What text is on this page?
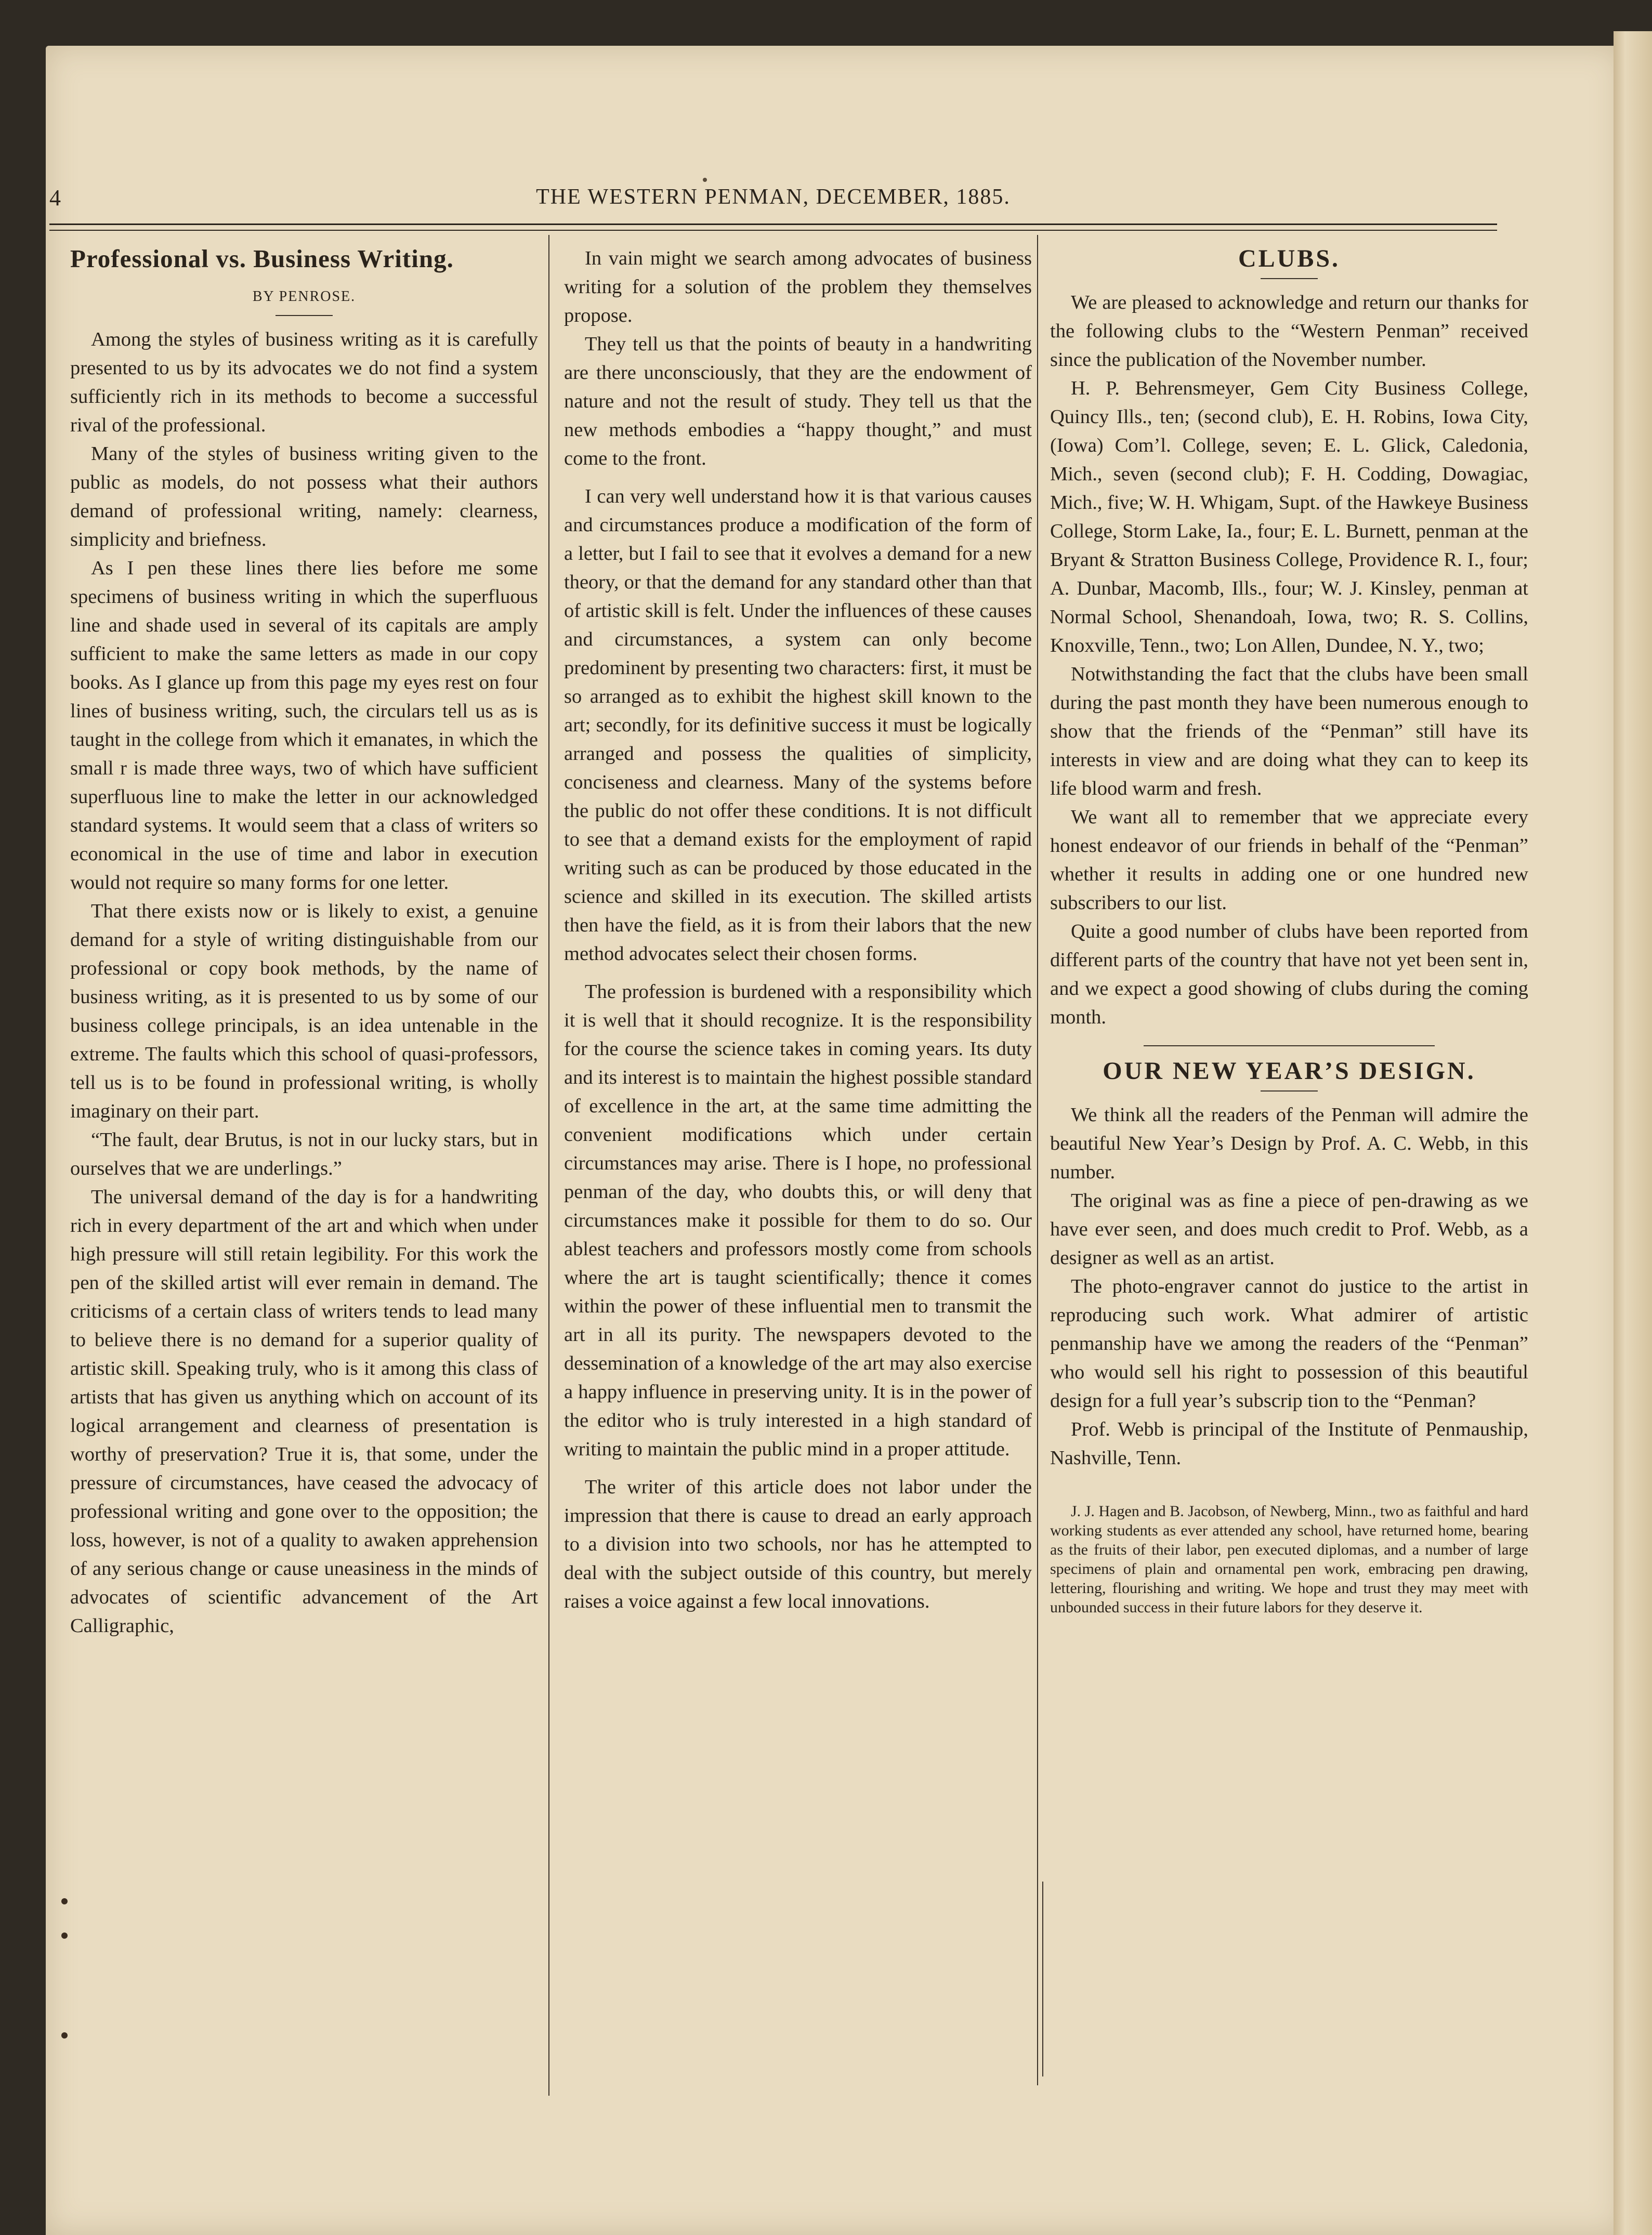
4	THE WESTERN PENMAN, DECEMBER, 1885.
Professional vs. Business Writing.
BY PENROSE.

Among the styles of business writing as it is carefully presented to us by its advocates we do not find a system sufficiently rich in its methods to become a successful rival of the professional.

Many of the styles of business writing given to the public as models, do not possess what their authors demand of professional writing, namely: clearness, simplicity and briefness.

As I pen these lines there lies before me some specimens of business writing in which the superfluous line and shade used in several of its capitals are amply sufficient to make the same letters as made in our copy books. As I glance up from this page my eyes rest on four lines of business writing, such, the circulars tell us as is taught in the college from which it emanates, in which the small r is made three ways, two of which have sufficient superfluous line to make the letter in our acknowledged standard systems. It would seem that a class of writers so economical in the use of time and labor in execution would not require so many forms for one letter.

That there exists now or is likely to exist, a genuine demand for a style of writing distinguishable from our professional or copy book methods, by the name of business writing, as it is presented to us by some of our business college principals, is an idea untenable in the extreme. The faults which this school of quasi-professors, tell us is to be found in professional writing, is wholly imaginary on their part.

“The fault, dear Brutus, is not in our lucky stars, but in ourselves that we are underlings.”

The universal demand of the day is for a handwriting rich in every department of the art and which when under high pressure will still retain legibility. For this work the pen of the skilled artist will ever remain in demand. The criticisms of a certain class of writers tends to lead many to believe there is no demand for a superior quality of artistic skill. Speaking truly, who is it among this class of artists that has given us anything which on account of its logical arrangement and clearness of presentation is worthy of preservation? True it is, that some, under the pressure of circumstances, have ceased the advocacy of professional writing and gone over to the opposition; the loss, however, is not of a quality to awaken apprehension of any serious change or cause uneasiness in the minds of advocates of scientific advancement of the Art Calligraphic,

In vain might we search among advocates of business writing for a solution of the problem they themselves propose.

They tell us that the points of beauty in a handwriting are there unconsciously, that they are the endowment of nature and not the result of study. They tell us that the new methods embodies a “happy thought,” and must come to the front.

I can very well understand how it is that various causes and circumstances produce a modification of the form of a letter, but I fail to see that it evolves a demand for a new theory, or that the demand for any standard other than that of artistic skill is felt. Under the influences of these causes and circumstances, a system can only become predominent by presenting two characters: first, it must be so arranged as to exhibit the highest skill known to the art; secondly, for its definitive success it must be logically arranged and possess the qualities of simplicity, conciseness and clearness. Many of the systems before the public do not offer these conditions. It is not difficult to see that a demand exists for the employment of rapid writing such as can be produced by those educated in the science and skilled in its execution. The skilled artists then have the field, as it is from their labors that the new method advocates select their chosen forms.

The profession is burdened with a responsibility which it is well that it should recognize. It is the responsibility for the course the science takes in coming years. Its duty and its interest is to maintain the highest possible standard of excellence in the art, at the same time admitting the convenient modifications which under certain circumstances may arise. There is I hope, no professional penman of the day, who doubts this, or will deny that circumstances make it possible for them to do so. Our ablest teachers and professors mostly come from schools where the art is taught scientifically; thence it comes within the power of these influential men to transmit the art in all its purity. The newspapers devoted to the dessemination of a knowledge of the art may also exercise a happy influence in preserving unity. It is in the power of the editor who is truly interested in a high standard of writing to maintain the public mind in a proper attitude.

The writer of this article does not labor under the impression that there is cause to dread an early approach to a division into two schools, nor has he attempted to deal with the subject outside of this country, but merely raises a voice against a few local innovations.

CLUBS.

We are pleased to acknowledge and return our thanks for the following clubs to the “Western Penman” received since the publication of the November number.

H. P. Behrensmeyer, Gem City Business College, Quincy Ills., ten; (second club), E. H. Robins, Iowa City, (Iowa) Com’l. College, seven; E. L. Glick, Caledonia, Mich., seven (second club); F. H. Codding, Dowagiac, Mich., five; W. H. Whigam, Supt. of the Hawkeye Business College, Storm Lake, Ia., four; E. L. Burnett, penman at the Bryant & Stratton Business College, Providence R. I., four; A. Dunbar, Macomb, Ills., four; W. J. Kinsley, penman at Normal School, Shenandoah, Iowa, two; R. S. Collins, Knoxville, Tenn., two; Lon Allen, Dundee, N. Y., two;

Notwithstanding the fact that the clubs have been small during the past month they have been numerous enough to show that the friends of the “Penman” still have its interests in view and are doing what they can to keep its life blood warm and fresh.

We want all to remember that we appreciate every honest endeavor of our friends in behalf of the “Penman” whether it results in adding one or one hundred new subscribers to our list.

Quite a good number of clubs have been reported from different parts of the country that have not yet been sent in, and we expect a good showing of clubs during the coming month.

OUR NEW YEAR’S DESIGN.

We think all the readers of the Penman will admire the beautiful New Year’s Design by Prof. A. C. Webb, in this number.

The original was as fine a piece of pen-drawing as we have ever seen, and does much credit to Prof. Webb, as a designer as well as an artist.

The photo-engraver cannot do justice to the artist in reproducing such work. What admirer of artistic penmanship have we among the readers of the “Penman” who would sell his right to possession of this beautiful design for a full year’s subscrip tion to the “Penman?

Prof. Webb is principal of the Institute of Penmauship, Nashville, Tenn.

J. J. Hagen and B. Jacobson, of Newberg, Minn., two as faithful and hard working students as ever attended any school, have returned home, bearing as the fruits of their labor, pen executed diplomas, and a number of large specimens of plain and ornamental pen work, embracing pen drawing, lettering, flourishing and writing. We hope and trust they may meet with unbounded success in their future labors for they deserve it.
